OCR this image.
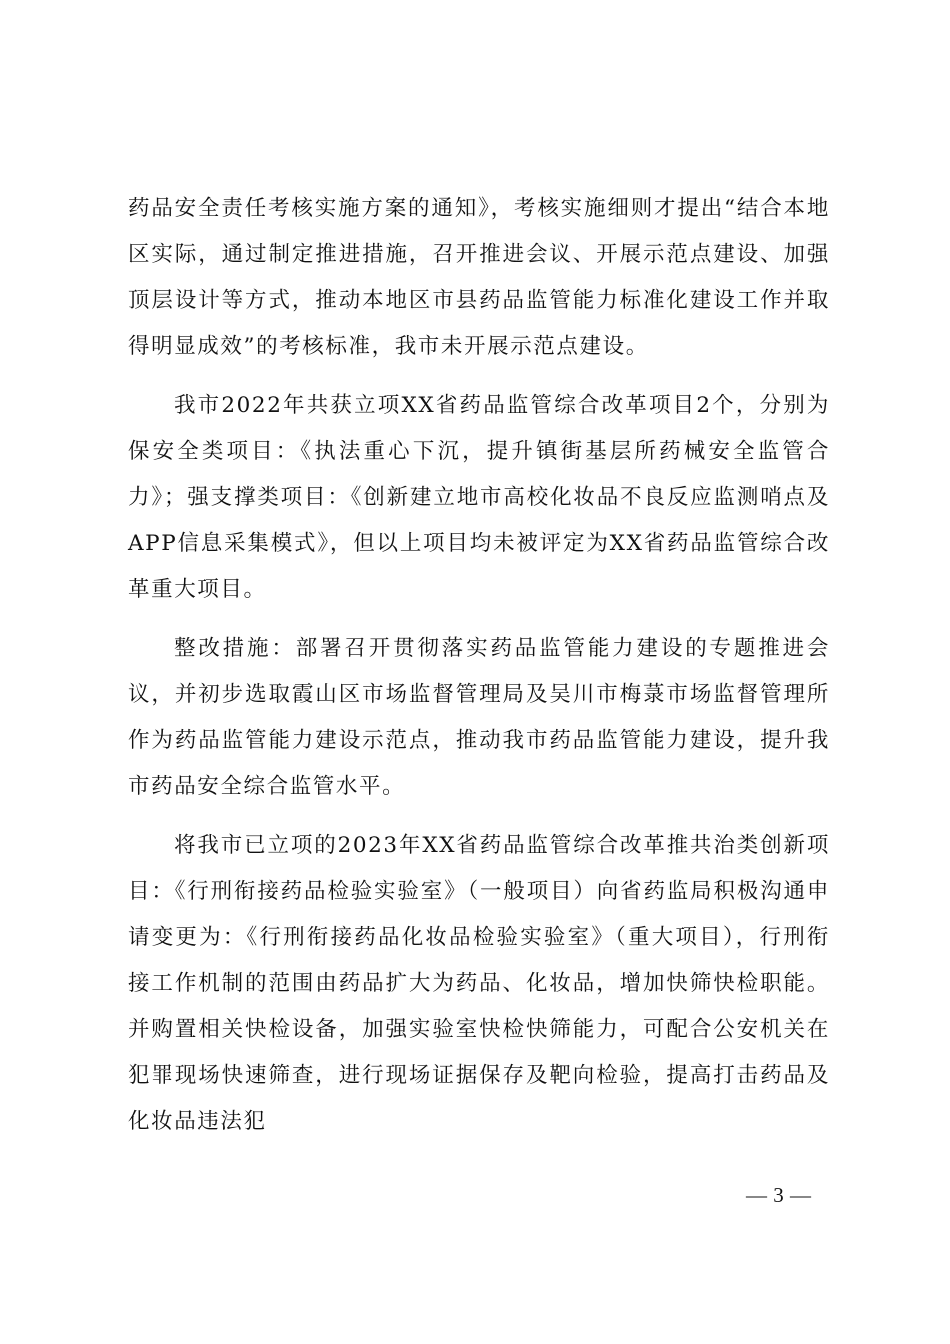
药品安全责任考核实施方案的通知》，考核实施细则才提出“结合本地区实际，通过制定推进措施，召开推进会议、开展示范点建设、加强顶层设计等方式，推动本地区市县药品监管能力标准化建设工作并取得明显成效”的考核标准，我市未开展示范点建设。

我市2022年共获立项XX省药品监管综合改革项目2个，分别为保安全类项目：《执法重心下沉，提升镇街基层所药械安全监管合力》；强支撑类项目：《创新建立地市高校化妆品不良反应监测哨点及APP信息采集模式》，但以上项目均未被评定为XX省药品监管综合改革重大项目。

整改措施：部署召开贯彻落实药品监管能力建设的专题推进会议，并初步选取霞山区市场监督管理局及吴川市梅菉市场监督管理所作为药品监管能力建设示范点，推动我市药品监管能力建设，提升我市药品安全综合监管水平。

将我市已立项的2023年XX省药品监管综合改革推共治类创新项目：《行刑衔接药品检验实验室》（一般项目）向省药监局积极沟通申请变更为：《行刑衔接药品化妆品检验实验室》（重大项目），行刑衔接工作机制的范围由药品扩大为药品、化妆品，增加快筛快检职能。并购置相关快检设备，加强实验室快检快筛能力，可配合公安机关在犯罪现场快速筛查，进行现场证据保存及靶向检验，提高打击药品及化妆品违法犯

— 3 —
